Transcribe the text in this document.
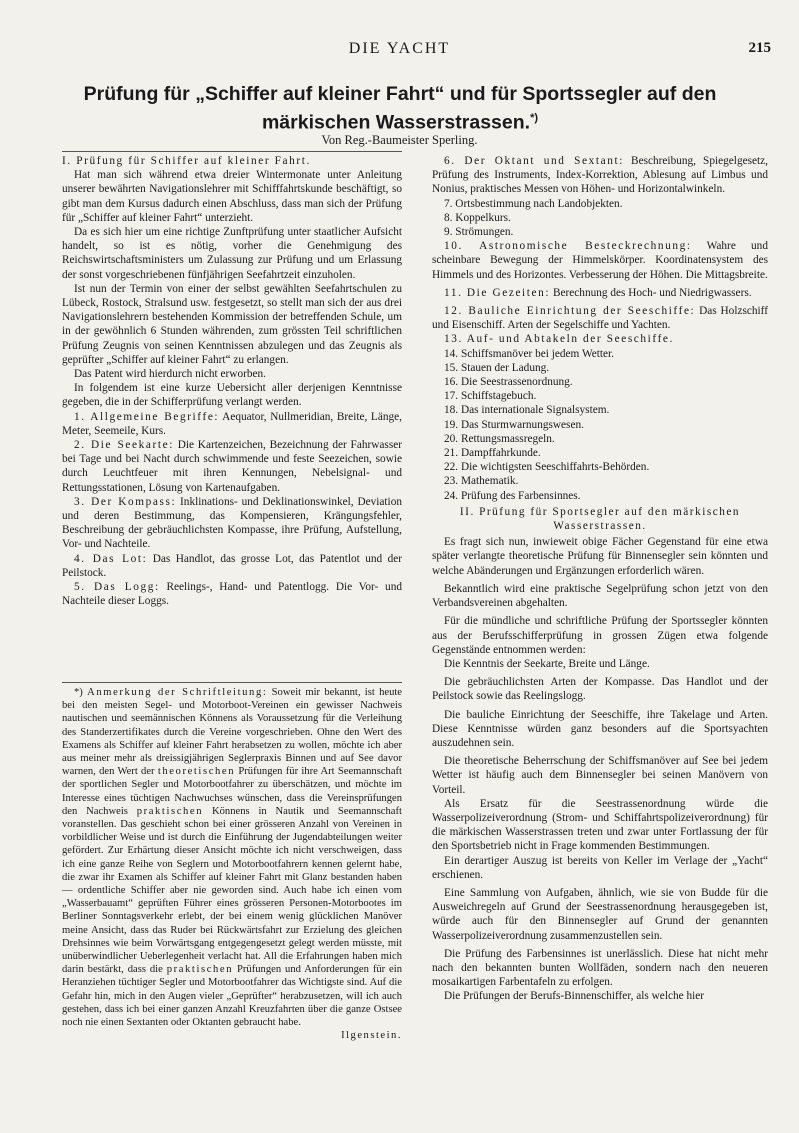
DIE YACHT	215
Prüfung für „Schiffer auf kleiner Fahrt“ und für Sportssegler auf den märkischen Wasserstrassen.*)
Von Reg.-Baumeister Sperling.

I. Prüfung für Schiffer auf kleiner Fahrt.

Hat man sich während etwa dreier Wintermonate unter Anleitung unserer bewährten Navigationslehrer mit Schifffahrtskunde beschäftigt, so gibt man dem Kursus dadurch einen Abschluss, dass man sich der Prüfung für „Schiffer auf kleiner Fahrt“ unterzieht.

Da es sich hier um eine richtige Zunftprüfung unter staatlicher Aufsicht handelt, so ist es nötig, vorher die Genehmigung des Reichswirtschaftsministers um Zulassung zur Prüfung und um Erlassung der sonst vorgeschriebenen fünfjährigen Seefahrtzeit einzuholen.

Ist nun der Termin von einer der selbst gewählten Seefahrtschulen zu Lübeck, Rostock, Stralsund usw. festgesetzt, so stellt man sich der aus drei Navigationslehrern bestehenden Kommission der betreffenden Schule, um in der gewöhnlich 6 Stunden währenden, zum grössten Teil schriftlichen Prüfung Zeugnis von seinen Kenntnissen abzulegen und das Zeugnis als geprüfter „Schiffer auf kleiner Fahrt“ zu erlangen.

Das Patent wird hierdurch nicht erworben.

In folgendem ist eine kurze Uebersicht aller derjenigen Kenntnisse gegeben, die in der Schifferprüfung verlangt werden.

1. Allgemeine Begriffe: Aequator, Nullmeridian, Breite, Länge, Meter, Seemeile, Kurs.

2. Die Seekarte: Die Kartenzeichen, Bezeichnung der Fahrwasser bei Tage und bei Nacht durch schwimmende und feste Seezeichen, sowie durch Leuchtfeuer mit ihren Kennungen, Nebelsignal- und Rettungsstationen, Lösung von Kartenaufgaben.

3. Der Kompass: Inklinations- und Deklinationswinkel, Deviation und deren Bestimmung, das Kompensieren, Krängungsfehler, Beschreibung der gebräuchlichsten Kompasse, ihre Prüfung, Aufstellung, Vor- und Nachteile.

4. Das Lot: Das Handlot, das grosse Lot, das Patentlot und der Peilstock.

5. Das Logg: Reelings-, Hand- und Patentlogg. Die Vor- und Nachteile dieser Loggs.

*) Anmerkung der Schriftleitung: Soweit mir bekannt, ist heute bei den meisten Segel- und Motorboot-Vereinen ein gewisser Nachweis nautischen und seemännischen Könnens als Voraussetzung für die Verleihung des Standerzertifikates durch die Vereine vorgeschrieben. Ohne den Wert des Examens als Schiffer auf kleiner Fahrt herabsetzen zu wollen, möchte ich aber aus meiner mehr als dreissigjährigen Seglerpraxis Binnen und auf See davor warnen, den Wert der theoretischen Prüfungen für ihre Art Seemannschaft der sportlichen Segler und Motorbootfahrer zu überschätzen, und möchte im Interesse eines tüchtigen Nachwuchses wünschen, dass die Vereinsprüfungen den Nachweis praktischen Könnens in Nautik und Seemannschaft voranstellen. Das geschieht schon bei einer grösseren Anzahl von Vereinen in vorbildlicher Weise und ist durch die Einführung der Jugendabteilungen weiter gefördert. Zur Erhärtung dieser Ansicht möchte ich nicht verschweigen, dass ich eine ganze Reihe von Seglern und Motorbootfahrern kennen gelernt habe, die zwar ihr Examen als Schiffer auf kleiner Fahrt mit Glanz bestanden haben — ordentliche Schiffer aber nie geworden sind. Auch habe ich einen vom „Wasserbauamt“ geprüften Führer eines grösseren Personen-Motorbootes im Berliner Sonntagsverkehr erlebt, der bei einem wenig glücklichen Manöver meine Ansicht, dass das Ruder bei Rückwärtsfahrt zur Erzielung des gleichen Drehsinnes wie beim Vorwärtsgang entgegengesetzt gelegt werden müsste, mit unüberwindlicher Ueberlegenheit verlacht hat. All die Erfahrungen haben mich darin bestärkt, dass die praktischen Prüfungen und Anforderungen für ein Heranziehen tüchtiger Segler und Motorbootfahrer das Wichtigste sind. Auf die Gefahr hin, mich in den Augen vieler „Geprüfter“ herabzusetzen, will ich auch gestehen, dass ich bei einer ganzen Anzahl Kreuzfahrten über die ganze Ostsee noch nie einen Sextanten oder Oktanten gebraucht habe.

Ilgenstein.

6. Der Oktant und Sextant: Beschreibung, Spiegelgesetz, Prüfung des Instruments, Index-Korrektion, Ablesung auf Limbus und Nonius, praktisches Messen von Höhen- und Horizontalwinkeln.

7. Ortsbestimmung nach Landobjekten.

8. Koppelkurs.

9. Strömungen.

10. Astronomische Besteckrechnung: Wahre und scheinbare Bewegung der Himmelskörper. Koordinatensystem des Himmels und des Horizontes. Verbesserung der Höhen. Die Mittagsbreite.

11. Die Gezeiten: Berechnung des Hoch- und Niedrigwassers.

12. Bauliche Einrichtung der Seeschiffe: Das Holzschiff und Eisenschiff. Arten der Segelschiffe und Yachten.

13. Auf- und Abtakeln der Seeschiffe.

14. Schiffsmanöver bei jedem Wetter.

15. Stauen der Ladung.

16. Die Seestrassenordnung.

17. Schiffstagebuch.

18. Das internationale Signalsystem.

19. Das Sturmwarnungswesen.

20. Rettungsmassregeln.

21. Dampffahrkunde.

22. Die wichtigsten Seeschiffahrts-Behörden.

23. Mathematik.

24. Prüfung des Farbensinnes.

II. Prüfung für Sportsegler auf den märkischen Wasserstrassen.

Es fragt sich nun, inwieweit obige Fächer Gegenstand für eine etwa später verlangte theoretische Prüfung für Binnensegler sein könnten und welche Abänderungen und Ergänzungen erforderlich wären.

Bekanntlich wird eine praktische Segelprüfung schon jetzt von den Verbandsvereinen abgehalten.

Für die mündliche und schriftliche Prüfung der Sportssegler könnten aus der Berufsschifferprüfung in grossen Zügen etwa folgende Gegenstände entnommen werden:

Die Kenntnis der Seekarte, Breite und Länge.

Die gebräuchlichsten Arten der Kompasse. Das Handlot und der Peilstock sowie das Reelingslogg.

Die bauliche Einrichtung der Seeschiffe, ihre Takelage und Arten. Diese Kenntnisse würden ganz besonders auf die Sportsyachten auszudehnen sein.

Die theoretische Beherrschung der Schiffsmanöver auf See bei jedem Wetter ist häufig auch dem Binnensegler bei seinen Manövern von Vorteil.

Als Ersatz für die Seestrassenordnung würde die Wasserpolizeiverordnung (Strom- und Schiffahrtspolizeiverordnung) für die märkischen Wasserstrassen treten und zwar unter Fortlassung der für den Sportsbetrieb nicht in Frage kommenden Bestimmungen.

Ein derartiger Auszug ist bereits von Keller im Verlage der „Yacht“ erschienen.

Eine Sammlung von Aufgaben, ähnlich, wie sie von Budde für die Ausweichregeln auf Grund der Seestrassenordnung herausgegeben ist, würde auch für den Binnensegler auf Grund der genannten Wasserpolizeiverordnung zusammenzustellen sein.

Die Prüfung des Farbensinnes ist unerlässlich. Diese hat nicht mehr nach den bekannten bunten Wollfäden, sondern nach den neueren mosaikartigen Farbentafeln zu erfolgen.

Die Prüfungen der Berufs-Binnenschiffer, als welche hier
